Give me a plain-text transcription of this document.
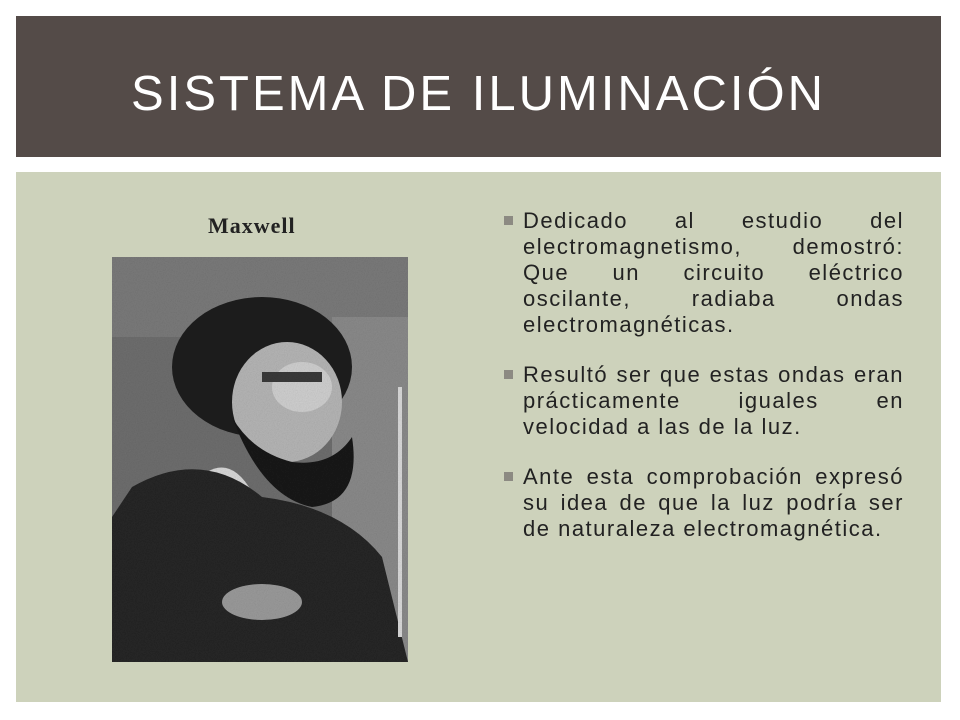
SISTEMA DE ILUMINACIÓN
Maxwell	Dedicado al estudio del electromagnetismo, demostró: Que un circuito eléctrico oscilante, radiaba ondas electromagnéticas.
Resultó ser que estas ondas eran prácticamente iguales en velocidad a las de la luz.
Ante esta comprobación expresó su idea de que la luz podría ser de naturaleza electromagnética.
